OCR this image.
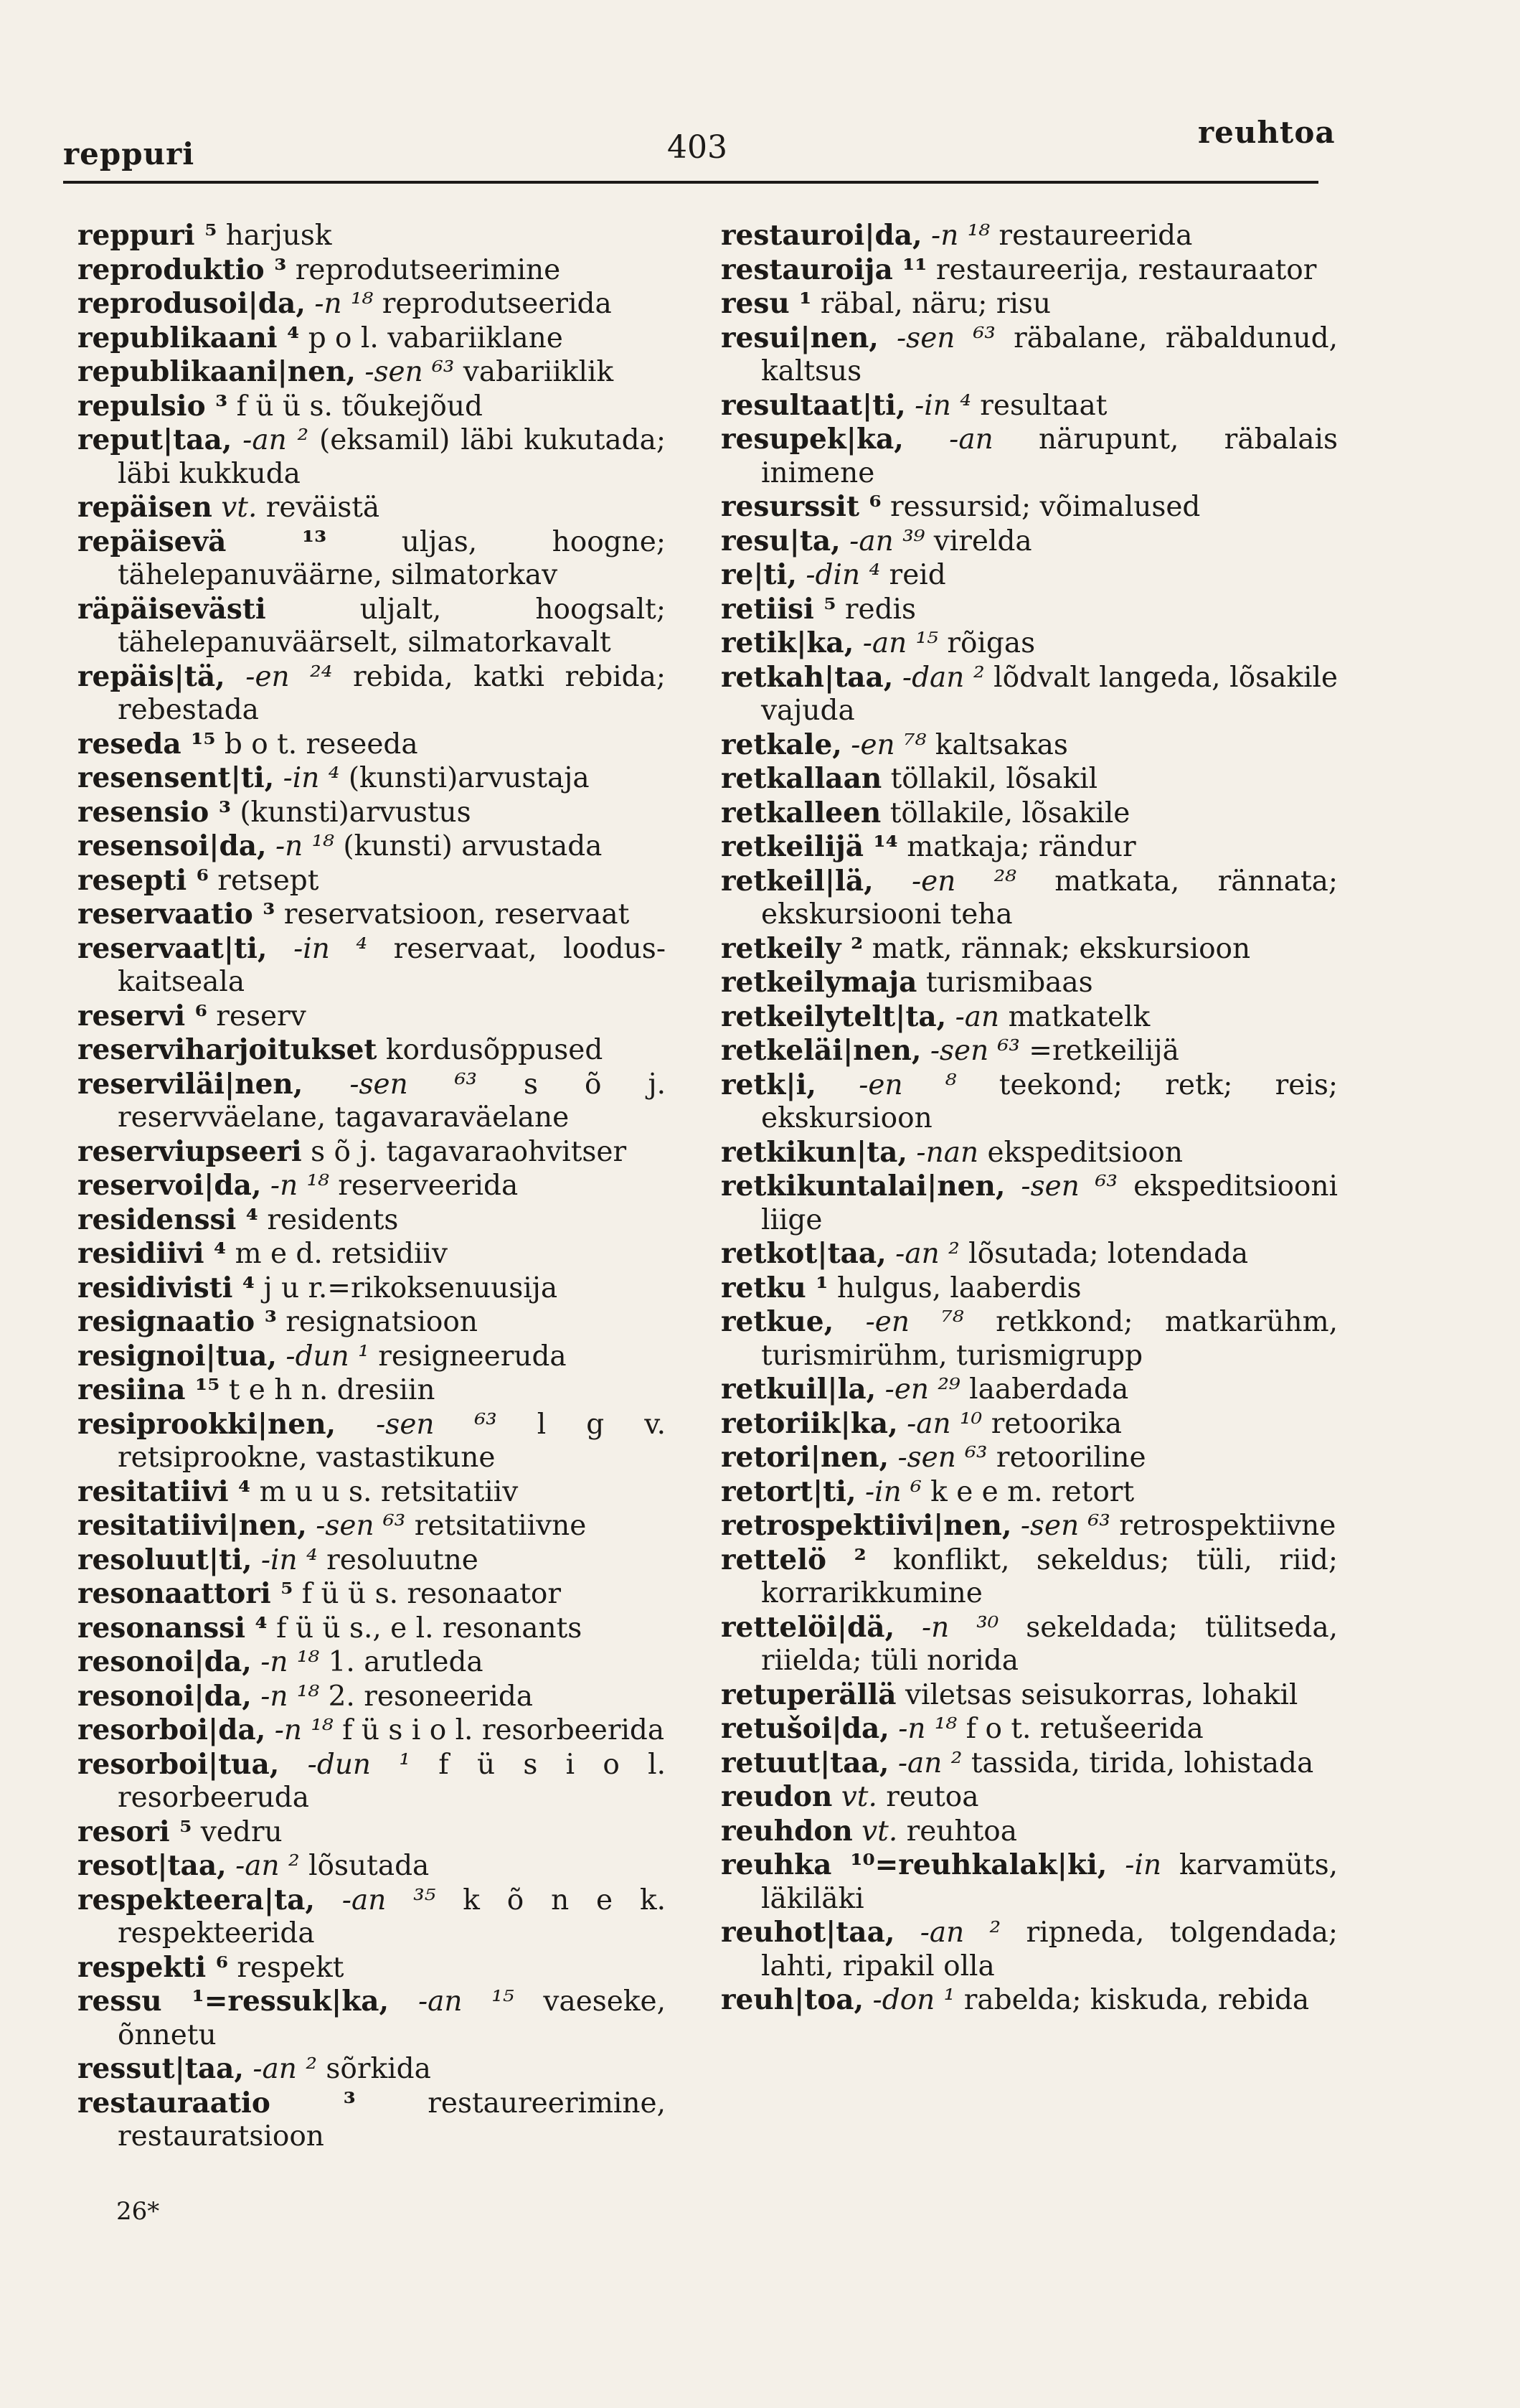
reppuri	403	reuhtoa
reppuri ⁵ harjusk
reproduktio ³ reprodutseerimine
reprodusoi|da, -n ¹⁸ reprodutseerida
republikaani ⁴ p o l. vabariiklane
republikaani|nen, -sen ⁶³ vabariiklik
repulsio ³ f ü ü s. tõukejõud
reput|taa, -an ² (eksamil) läbi kukutada; läbi kukkuda
repäisen vt. reväistä
repäisevä ¹³	uljas, hoogne; tähelepanuväärne, silmatorkav
räpäisevästi	uljalt, hoogsalt; tähelepanuväärselt, silmatorkavalt
repäis|tä, -en ²⁴ rebida, katki rebida; rebestada
reseda ¹⁵ b o t. reseeda
resensent|ti, -in ⁴ (kunsti)arvustaja
resensio ³ (kunsti)arvustus
resensoi|da, -n ¹⁸ (kunsti) arvustada
resepti ⁶ retsept
reservaatio ³ reservatsioon, reservaat
reservaat|ti, -in ⁴ reservaat, looduskaitseala
reservi ⁶ reserv
reserviharjoitukset kordusõppused
reserviläi|nen, -sen ⁶³ s õ j. reservväelane, tagavaraväelane
reserviupseeri s õ j. tagavaraohvitser
reservoi|da, -n ¹⁸ reserveerida
residenssi ⁴ residents
residiivi ⁴ m e d. retsidiiv
residivisti ⁴ j u r.=rikoksenuusija
resignaatio ³ resignatsioon
resignoi|tua, -dun ¹ resigneeruda
resiina ¹⁵ t e h n. dresiin
resiprookki|nen, -sen ⁶³ l g v. retsiprookne, vastastikune
resitatiivi ⁴ m u u s. retsitatiiv
resitatiivi|nen, -sen ⁶³ retsitatiivne
resoluut|ti, -in ⁴ resoluutne
resonaattori ⁵ f ü ü s. resonaator
resonanssi ⁴ f ü ü s., e l. resonants
resonoi|da, -n ¹⁸ 1. arutleda
resonoi|da, -n ¹⁸ 2. resoneerida
resorboi|da, -n ¹⁸ f ü s i o l. resorbeerida
resorboi|tua, -dun ¹ f ü s i o l. resorbeeruda
resori ⁵ vedru
resot|taa, -an ² lõsutada
respekteera|ta, -an ³⁵ k õ n e k. respekteerida
respekti ⁶ respekt
ressu ¹=ressuk|ka, -an ¹⁵ vaeseke, õnnetu
ressut|taa, -an ² sõrkida
restauraatio ³	restaureerimine, restauratsioon
restauroi|da, -n ¹⁸ restaureerida
restauroija ¹¹ restaureerija, restauraator
resu ¹ räbal, näru; risu
resui|nen, -sen ⁶³ räbalane, räbaldunud, kaltsus
resultaat|ti, -in ⁴ resultaat
resupek|ka, -an närupunt, räbalais inimene
resurssit ⁶ ressursid; võimalused
resu|ta, -an ³⁹ virelda
re|ti, -din ⁴ reid
retiisi ⁵ redis
retik|ka, -an ¹⁵ rõigas
retkah|taa, -dan ² lõdvalt langeda, lõsakile vajuda
retkale, -en ⁷⁸ kaltsakas
retkallaan töllakil, lõsakil
retkalleen töllakile, lõsakile
retkeilijä ¹⁴ matkaja; rändur
retkeil|lä, -en ²⁸ matkata, rännata; ekskursiooni teha
retkeily ² matk, rännak; ekskursioon
retkeilymaja turismibaas
retkeilytelt|ta, -an matkatelk
retkeläi|nen, -sen ⁶³ =retkeilijä
retk|i, -en ⁸ teekond; retk; reis; ekskursioon
retkikun|ta, -nan ekspeditsioon
retkikuntalai|nen, -sen ⁶³ ekspeditsiooni liige
retkot|taa, -an ² lõsutada; lotendada
retku ¹ hulgus, laaberdis
retkue, -en ⁷⁸ retkkond; matkarühm, turismirühm, turismigrupp
retkuil|la, -en ²⁹ laaberdada
retoriik|ka, -an ¹⁰ retoorika
retori|nen, -sen ⁶³ retooriline
retort|ti, -in ⁶ k e e m. retort
retrospektiivi|nen, -sen ⁶³ retrospektiivne
rettelö ² konflikt, sekeldus; tüli, riid; korrarikkumine
rettelöi|dä, -n ³⁰ sekeldada; tülitseda, riielda; tüli norida
retuperällä viletsas seisukorras, lohakil
retušoi|da, -n ¹⁸ f o t. retušeerida
retuut|taa, -an ² tassida, tirida, lohistada
reudon vt. reutoa
reuhdon vt. reuhtoa
reuhka ¹⁰=reuhkalak|ki, -in karvamüts, läkiläki
reuhot|taa, -an ² ripneda, tolgendada; lahti, ripakil olla
reuh|toa, -don ¹ rabelda; kiskuda, rebida
26*
